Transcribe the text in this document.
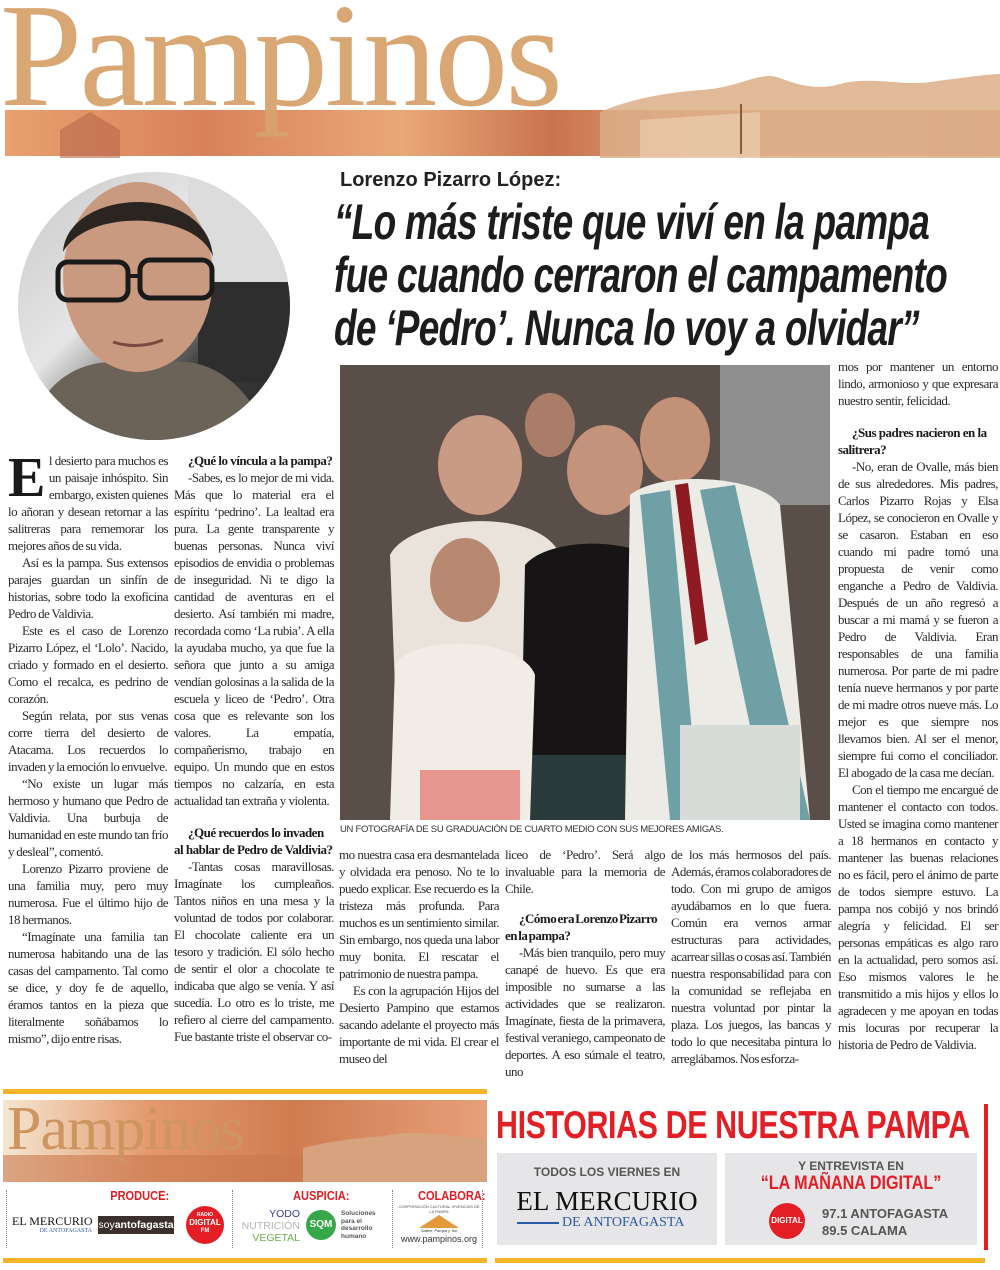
Pampinos
Lorenzo Pizarro López:
“Lo más triste que viví en la pampa
fue cuando cerraron el campamento
de ‘Pedro’. Nunca lo voy a olvidar”
UN FOTOGRAFÍA DE SU GRADUACIÓN DE CUARTO MEDIO CON SUS MEJORES AMIGAS.

El desierto para muchos es un paisaje inhóspito. Sin embargo, existen quienes lo añoran y desean retornar a las salitreras para rememorar los mejores años de su vida.

Así es la pampa. Sus extensos parajes guardan un sinfín de historias, sobre todo la exoficina Pedro de Valdivia.

Este es el caso de Lorenzo Pizarro López, el ‘Lolo’. Nacido, criado y formado en el desierto. Como el recalca, es pedrino de corazón.

Según relata, por sus venas corre tierra del desierto de Atacama. Los recuerdos lo invaden y la emoción lo envuelve.

“No existe un lugar más hermoso y humano que Pedro de Valdivia. Una burbuja de humanidad en este mundo tan frío y desleal”, comentó.

Lorenzo Pizarro proviene de una familia muy, pero muy numerosa. Fue el último hijo de 18 hermanos.

“Imagínate una familia tan numerosa habitando una de las casas del campamento. Tal como se dice, y doy fe de aquello, éramos tantos en la pieza que literalmente soñábamos lo mismo”, dijo entre risas.

¿Qué lo víncula a la pampa?

-Sabes, es lo mejor de mi vida. Más que lo material era el espíritu ‘pedrino’. La lealtad era pura. La gente transparente y buenas personas. Nunca viví episodios de envidia o problemas de inseguridad. Ni te digo la cantidad de aventuras en el desierto. Así también mi madre, recordada como ‘La rubia’. A ella la ayudaba mucho, ya que fue la señora que junto a su amiga vendían golosinas a la salida de la escuela y liceo de ‘Pedro’. Otra cosa que es relevante son los valores. La empatía, compañerismo, trabajo en equipo. Un mundo que en estos tiempos no calzaría, en esta actualidad tan extraña y violenta.

¿Qué recuerdos lo invaden al hablar de Pedro de Valdivia?

-Tantas cosas maravillosas. Imagínate los cumpleaños. Tantos niños en una mesa y la voluntad de todos por colaborar. El chocolate caliente era un tesoro y tradición. El sólo hecho de sentir el olor a chocolate te indicaba que algo se venía. Y así sucedía. Lo otro es lo triste, me refiero al cierre del campamento. Fue bastante triste el observar co-

mo nuestra casa era desmantelada y olvidada era penoso. No te lo puedo explicar. Ese recuerdo es la tristeza más profunda. Para muchos es un sentimiento similar. Sin embargo, nos queda una labor muy bonita. El rescatar el patrimonio de nuestra pampa.

Es con la agrupación Hijos del Desierto Pampino que estamos sacando adelante el proyecto más importante de mi vida. El crear el museo del

liceo de ‘Pedro’. Será algo invaluable para la memoria de Chile.

¿Cómo era Lorenzo Pizarro en la pampa?

-Más bien tranquilo, pero muy canapé de huevo. Es que era imposible no sumarse a las actividades que se realizaron. Imagínate, fiesta de la primavera, festival veraniego, campeonato de deportes. A eso súmale el teatro, uno

de los más hermosos del país. Además, éramos colaboradores de todo. Con mi grupo de amigos ayudábamos en lo que fuera. Común era vernos armar estructuras para actividades, acarrear sillas o cosas así. También nuestra responsabilidad para con la comunidad se reflejaba en nuestra voluntad por pintar la plaza. Los juegos, las bancas y todo lo que necesitaba pintura lo arreglábamos. Nos esforza-

mos por mantener un entorno lindo, armonioso y que expresara nuestro sentir, felicidad.

¿Sus padres nacieron en la salitrera?

-No, eran de Ovalle, más bien de sus alrededores. Mis padres, Carlos Pizarro Rojas y Elsa López, se conocieron en Ovalle y se casaron. Estaban en eso cuando mi padre tomó una propuesta de venir como enganche a Pedro de Valdivia. Después de un año regresó a buscar a mi mamá y se fueron a Pedro de Valdivia. Eran responsables de una familia numerosa. Por parte de mi padre tenía nueve hermanos y por parte de mi madre otros nueve más. Lo mejor es que siempre nos llevamos bien. Al ser el menor, siempre fui como el conciliador. El abogado de la casa me decían.

Con el tiempo me encargué de mantener el contacto con todos. Usted se imagina como mantener a 18 hermanos en contacto y mantener las buenas relaciones no es fácil, pero el ánimo de parte de todos siempre estuvo. La pampa nos cobijó y nos brindó alegría y felicidad. El ser personas empáticas es algo raro en la actualidad, pero somos así. Eso mismos valores le he transmitido a mis hijos y ellos lo agradecen y me apoyan en todas mis locuras por recuperar la historia de Pedro de Valdivia.

Pampinos
PRODUCE:	AUSPICIA:	COLABORA:
EL MERCURIO
DE ANTOFAGASTA soyantofagasta
RADIO
DIGITAL
FM
YODO
NUTRICIÓN
VEGETAL
SQM
Soluciones
para el
desarrollo
humano
CORPORACIÓN CULTURAL VIVENCIAS DE LA PAMPA
Salitre, Pampa y Sol
www.pampinos.org
HISTORIAS DE NUESTRA PAMPA
TODOS LOS VIERNES EN
EL MERCURIO
DE ANTOFAGASTA
Y ENTREVISTA EN
“LA MAÑANA DIGITAL”
DIGITAL 97.1 ANTOFAGASTA
89.5 CALAMA
